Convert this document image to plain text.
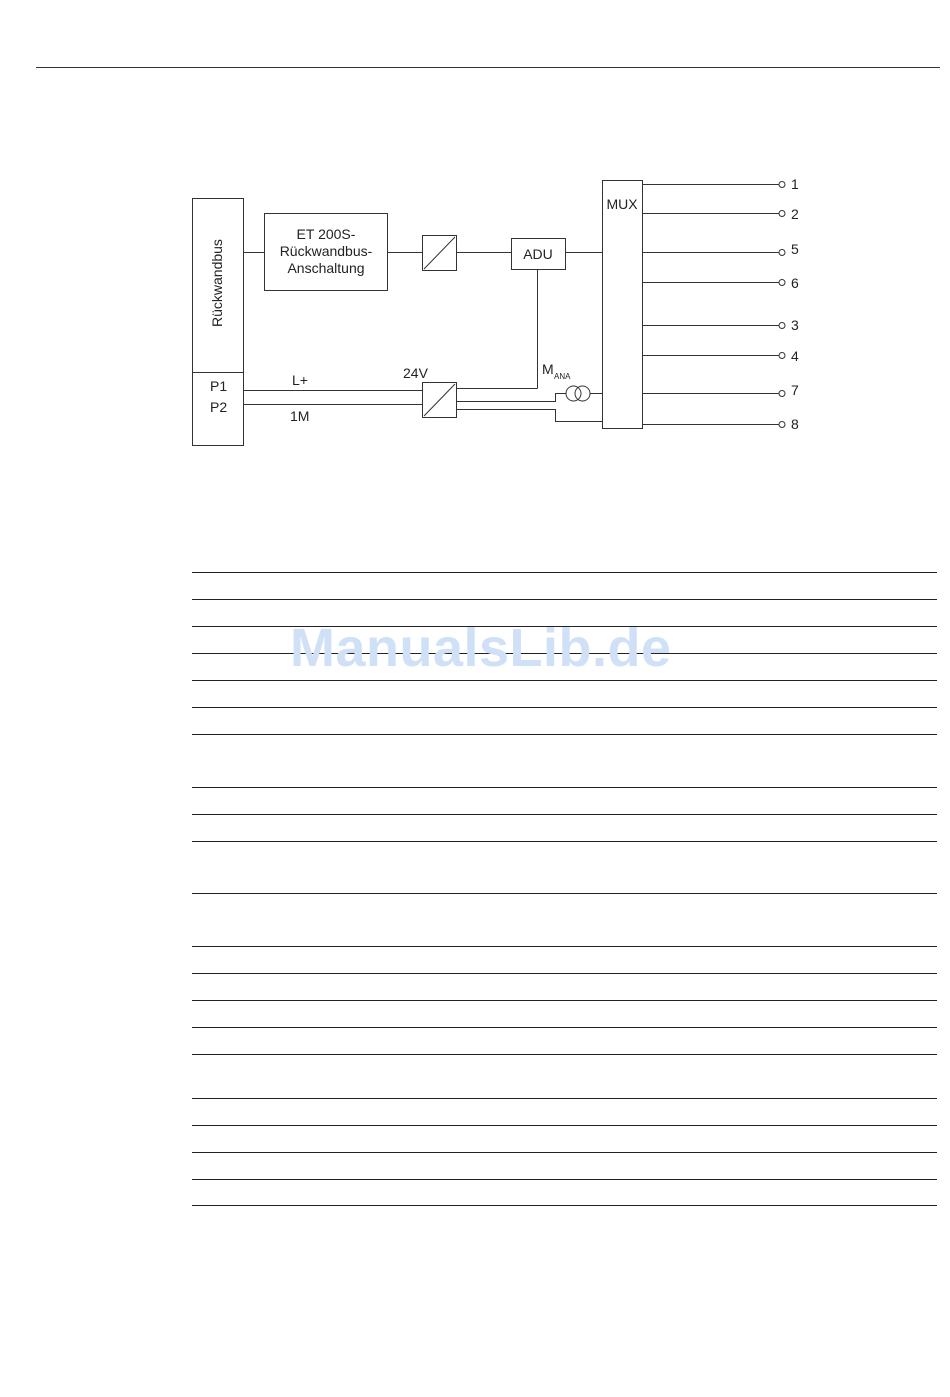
Rückwandbus
ET 200S-
Rückwandbus-
Anschaltung
ADU
MUX
P1
P2
L+
1M
24V	M ANA
1
2
5
6
3
4
7
8
ManualsLib.de
